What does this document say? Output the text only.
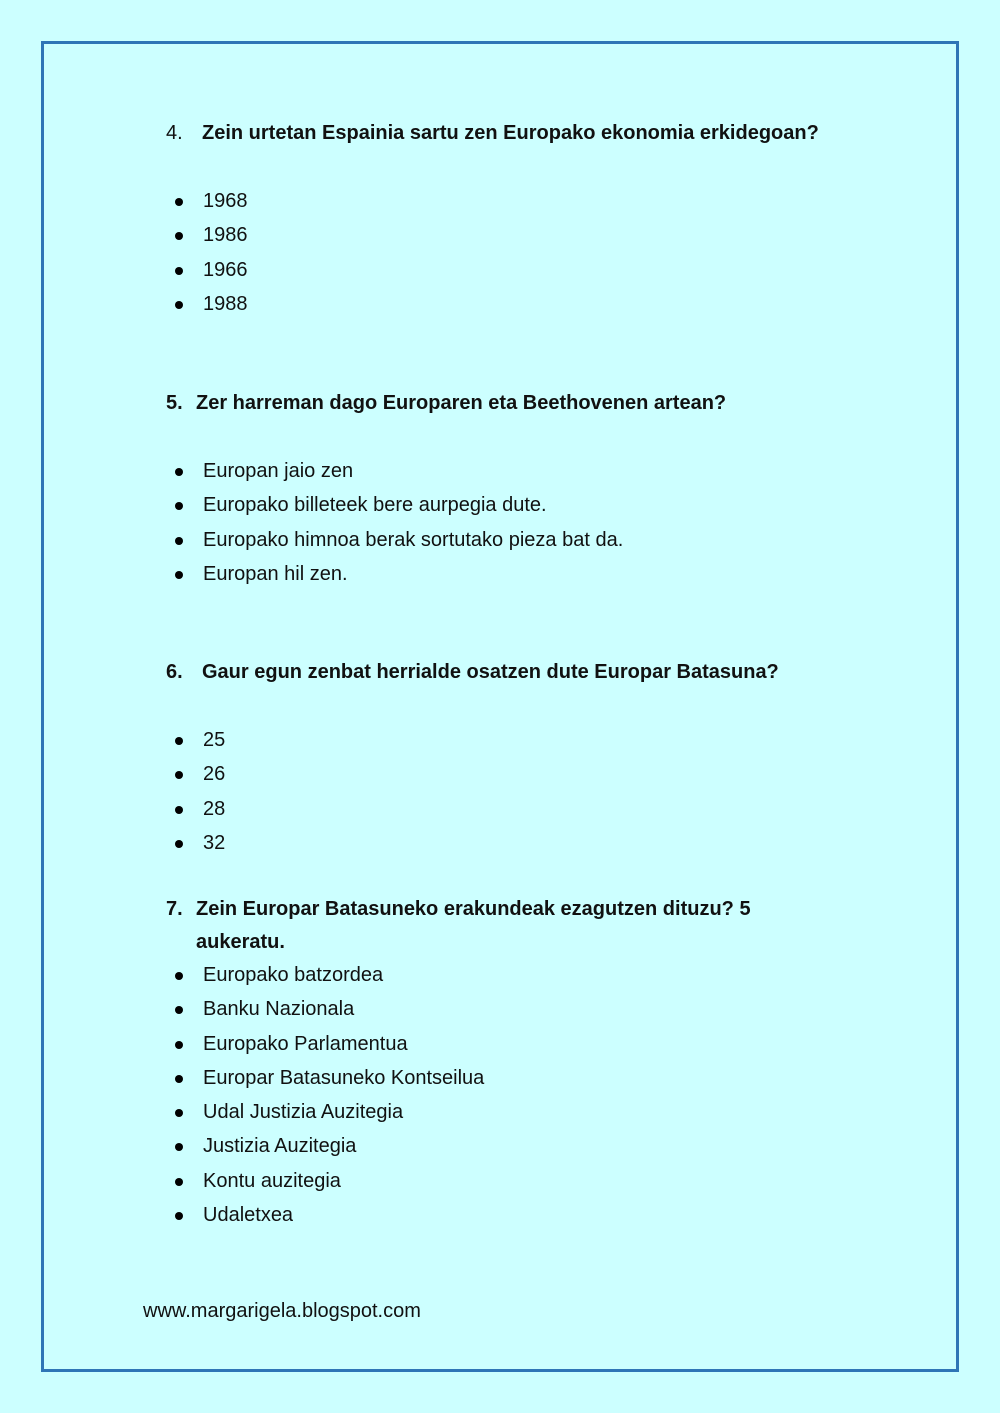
4. Zein urtetan Espainia sartu zen Europako ekonomia erkidegoan?
1968
1986
1966
1988
5. Zer harreman dago Europaren eta Beethovenen artean?
Europan jaio zen
Europako billeteek bere aurpegia dute.
Europako himnoa berak sortutako pieza bat da.
Europan hil zen.
6. Gaur egun zenbat herrialde osatzen dute Europar Batasuna?
25
26
28
32
7. Zein Europar Batasuneko erakundeak ezagutzen dituzu? 5 aukeratu.
Europako batzordea
Banku Nazionala
Europako Parlamentua
Europar Batasuneko Kontseilua
Udal Justizia Auzitegia
Justizia Auzitegia
Kontu auzitegia
Udaletxea
www.margarigela.blogspot.com
